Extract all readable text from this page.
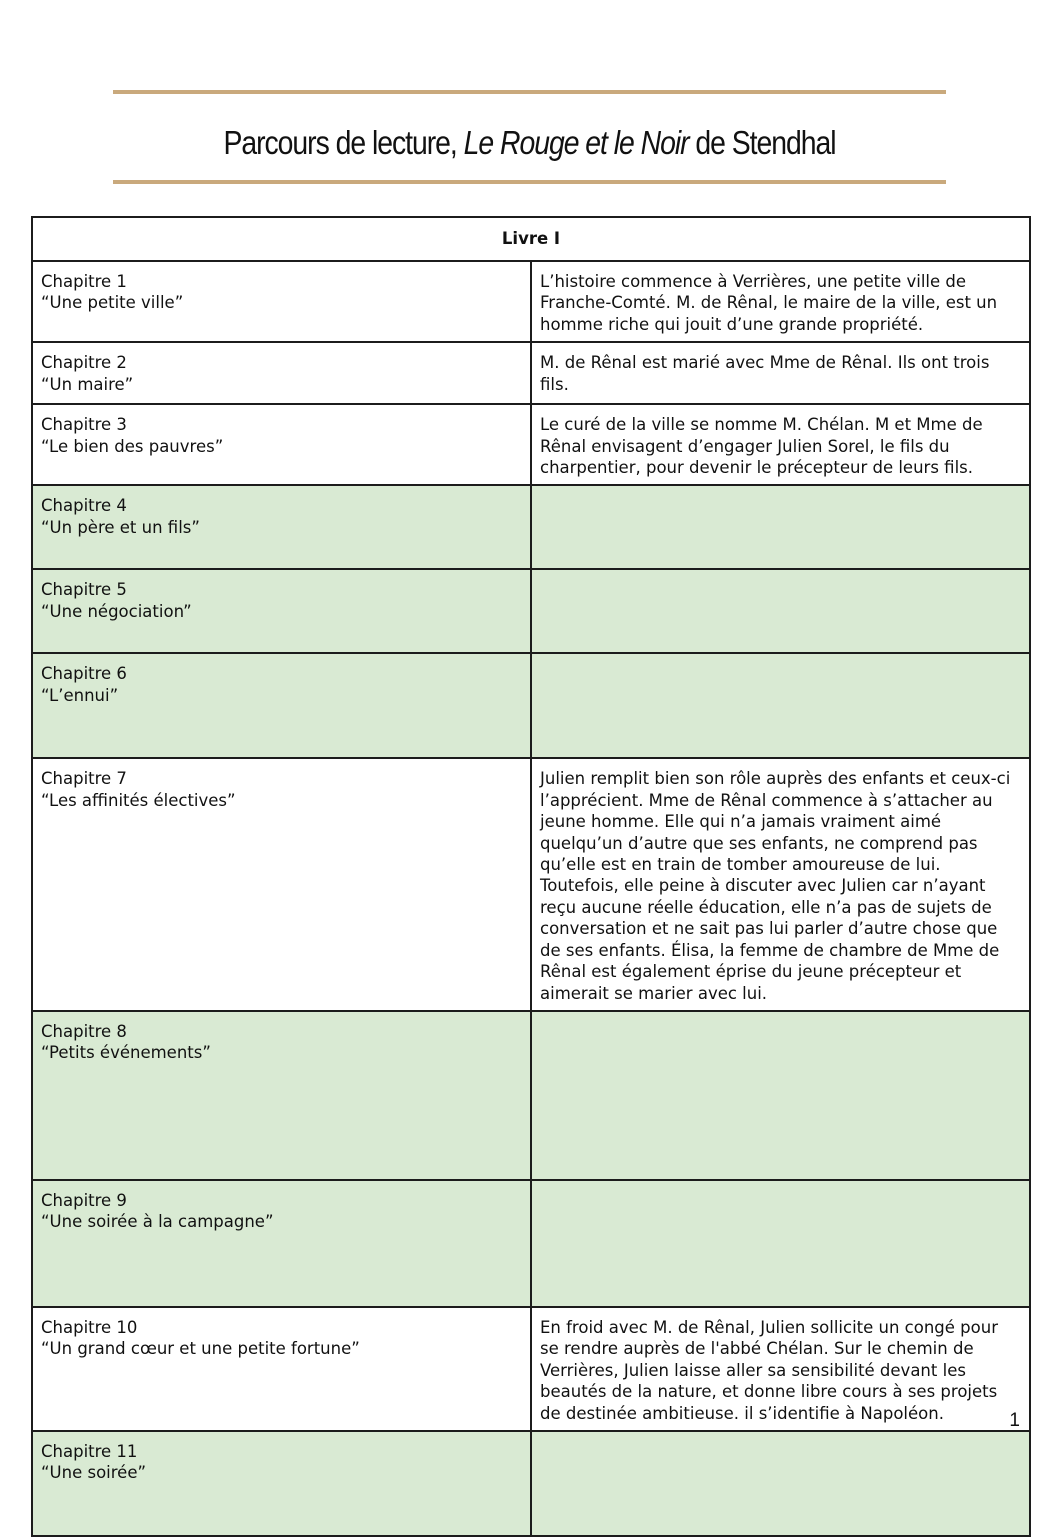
Parcours de lecture, Le Rouge et le Noir de Stendhal
Livre I	

Chapitre 1
“Une petite ville”	L’histoire commence à Verrières, une petite ville de Franche-Comté. M. de Rênal, le maire de la ville, est un homme riche qui jouit d’une grande propriété.

Chapitre 2
“Un maire”	M. de Rênal est marié avec Mme de Rênal. Ils ont trois fils.

Chapitre 3
“Le bien des pauvres”	Le curé de la ville se nomme M. Chélan. M et Mme de Rênal envisagent d’engager Julien Sorel, le fils du charpentier, pour devenir le précepteur de leurs fils.

Chapitre 4
“Un père et un fils”	

Chapitre 5
“Une négociation”	

Chapitre 6
“L’ennui”	

Chapitre 7
“Les affinités électives”	Julien remplit bien son rôle auprès des enfants et ceux-ci l’apprécient. Mme de Rênal commence à s’attacher au jeune homme. Elle qui n’a jamais vraiment aimé quelqu’un d’autre que ses enfants, ne comprend pas qu’elle est en train de tomber amoureuse de lui. Toutefois, elle peine à discuter avec Julien car n’ayant reçu aucune réelle éducation, elle n’a pas de sujets de conversation et ne sait pas lui parler d’autre chose que de ses enfants. Élisa, la femme de chambre de Mme de Rênal est également éprise du jeune précepteur et aimerait se marier avec lui.

Chapitre 8
“Petits événements”	

Chapitre 9
“Une soirée à la campagne”	

Chapitre 10
“Un grand cœur et une petite fortune”	En froid avec M. de Rênal, Julien sollicite un congé pour se rendre auprès de l'abbé Chélan. Sur le chemin de Verrières, Julien laisse aller sa sensibilité devant les beautés de la nature, et donne libre cours à ses projets de destinée ambitieuse. il s’identifie à Napoléon.

Chapitre 11
“Une soirée”	

1
